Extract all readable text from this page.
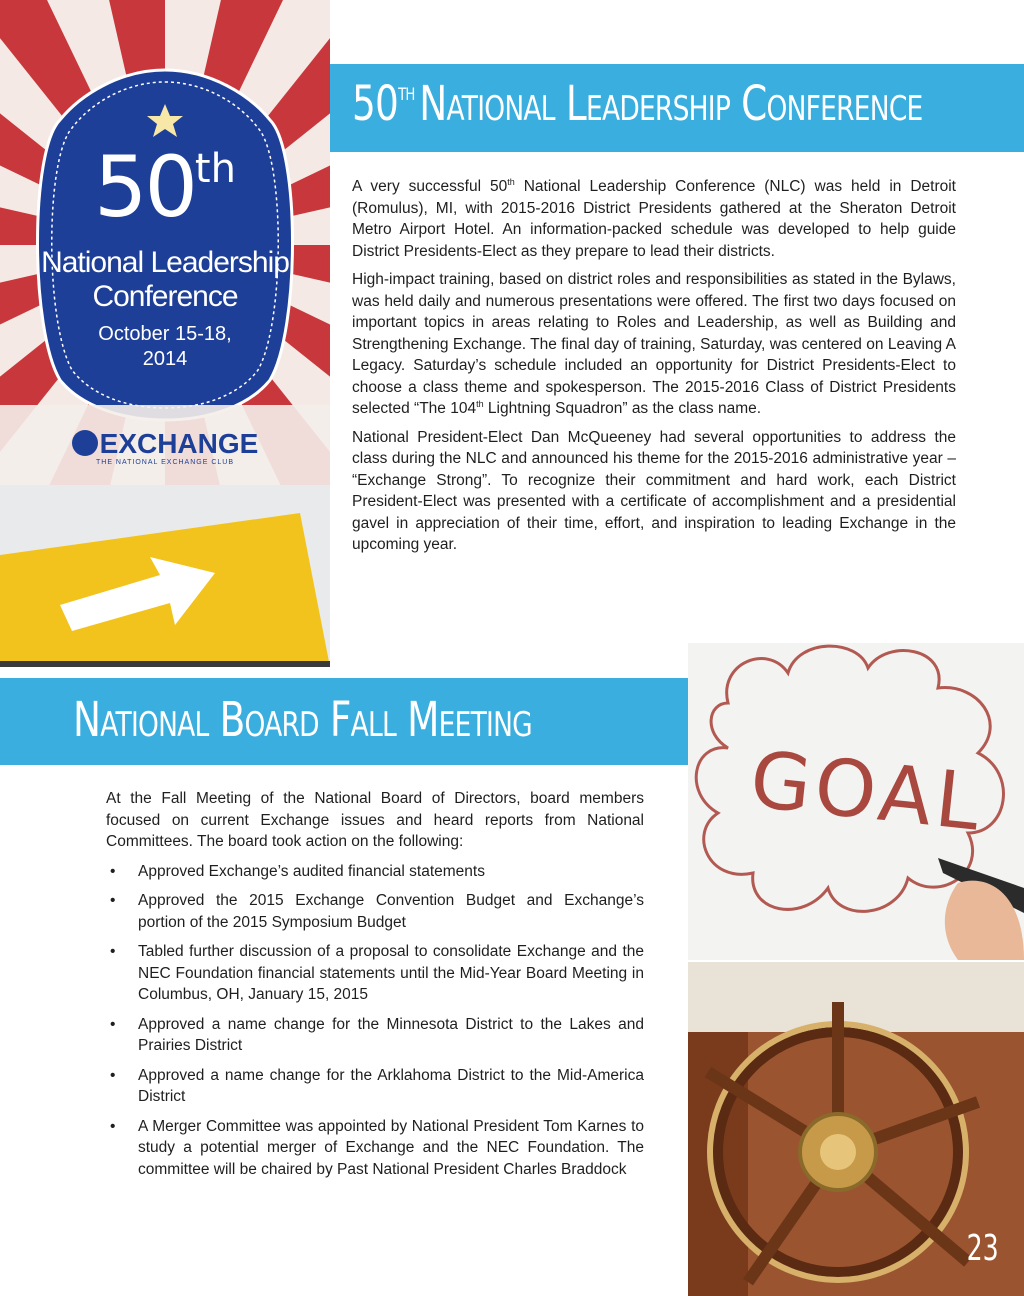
50th
National Leadership
Conference
October 15-18,
2014
EXCHANGE
THE NATIONAL EXCHANGE CLUB
50thNational Leadership Conference

A very successful 50th National Leadership Conference (NLC) was held in Detroit (Romulus), MI, with 2015-2016 District Presidents gathered at the Sheraton Detroit Metro Airport Hotel. An information-packed schedule was developed to help guide District Presidents-Elect as they prepare to lead their districts.

High-impact training, based on district roles and responsibilities as stated in the Bylaws, was held daily and numerous presentations were offered. The first two days focused on important topics in areas relating to Roles and Leadership, as well as Building and Strengthening Exchange. The final day of training, Saturday, was centered on Leaving A Legacy. Saturday’s schedule included an opportunity for District Presidents-Elect to choose a class theme and spokesperson. The 2015-2016 Class of District Presidents selected “The 104th Lightning Squadron” as the class name.

National President-Elect Dan McQueeney had several opportunities to address the class during the NLC and announced his theme for the 2015-2016 administrative year – “Exchange Strong”. To recognize their commitment and hard work, each District President-Elect was presented with a certificate of accomplishment and a presidential gavel in appreciation of their time, effort, and inspiration to leading Exchange in the upcoming year.

National Board Fall Meeting
GOAL

At the Fall Meeting of the National Board of Directors, board members focused on current Exchange issues and heard reports from National Committees. The board took action on the following:

• Approved Exchange’s audited financial statements
• Approved the 2015 Exchange Convention Budget and Exchange’s portion of the 2015 Symposium Budget
• Tabled further discussion of a proposal to consolidate Exchange and the NEC Foundation financial statements until the Mid-Year Board Meeting in Columbus, OH, January 15, 2015
• Approved a name change for the Minnesota District to the Lakes and Prairies District
• Approved a name change for the Arklahoma District to the Mid-America District
• A Merger Committee was appointed by National President Tom Karnes to study a potential merger of Exchange and the NEC Foundation. The committee will be chaired by Past National President Charles Braddock
23
